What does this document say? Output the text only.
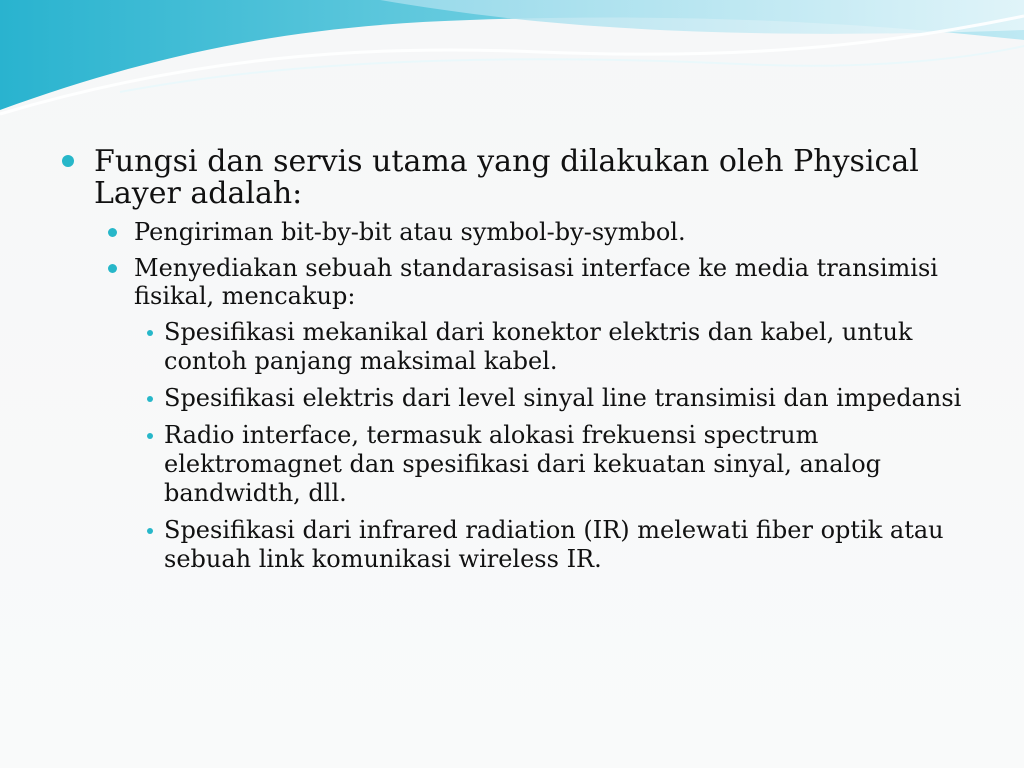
Fungsi dan servis utama yang dilakukan oleh Physical Layer adalah:
Pengiriman bit-by-bit atau symbol-by-symbol.
Menyediakan sebuah standarasisasi interface ke media transimisi fisikal, mencakup:
Spesifikasi mekanikal dari konektor elektris dan kabel, untuk contoh panjang maksimal kabel.
Spesifikasi elektris dari level sinyal line transimisi dan impedansi
Radio interface, termasuk alokasi frekuensi spectrum elektromagnet dan spesifikasi dari kekuatan sinyal, analog bandwidth, dll.
Spesifikasi dari infrared radiation (IR) melewati fiber optik atau sebuah link komunikasi wireless IR.
